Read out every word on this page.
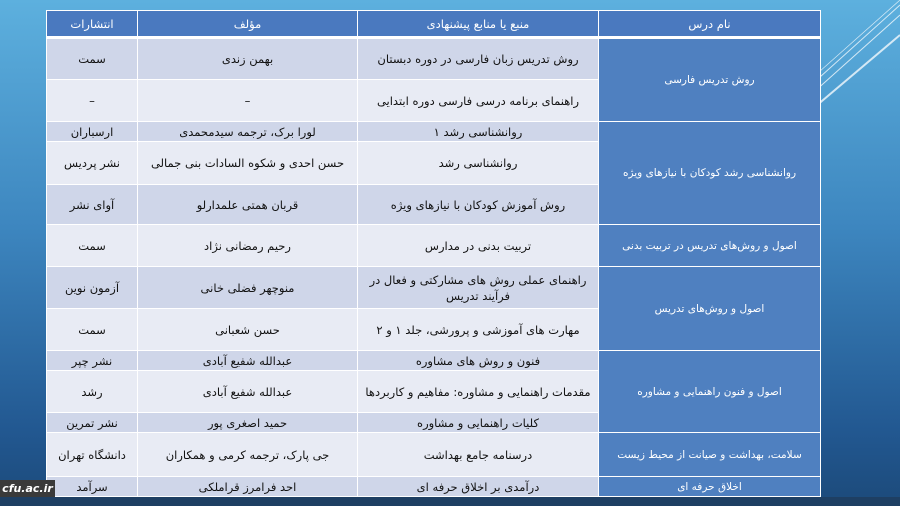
نام درس	منبع یا منابع پیشنهادی	مؤلف	انتشارات
روش تدریس فارسی	روش تدریس زبان فارسی در دوره دبستان	بهمن زندی	سمت
	راهنمای برنامه درسی فارسی دوره ابتدایی	–	–
روانشناسی رشد کودکان با نیازهای ویژه	روانشناسی رشد ۱	لورا برک، ترجمه سیدمحمدی	ارسباران
	روانشناسی رشد	حسن احدی و شکوه السادات بنی جمالی	نشر پردیس
	روش آموزش کودکان با نیازهای ویژه	قربان همتی علمدارلو	آوای نشر
اصول و روش‌های تدریس در تربیت بدنی	تربیت بدنی در مدارس	رحیم رمضانی نژاد	سمت
اصول و روش‌های تدریس	راهنمای عملی روش های مشارکتی و فعال در فرآیند تدریس	منوچهر فضلی خانی	آزمون نوین
	مهارت های آموزشی و پرورشی، جلد ۱ و ۲	حسن شعبانی	سمت
اصول و فنون راهنمایی و مشاوره	فنون و روش های مشاوره	عبدالله شفیع آبادی	نشر چپر
	مقدمات راهنمایی و مشاوره: مفاهیم و کاربردها	عبدالله شفیع آبادی	رشد
	کلیات راهنمایی و مشاوره	حمید اصغری پور	نشر تمرین
سلامت، بهداشت و صیانت از محیط زیست	درسنامه جامع بهداشت	جی پارک، ترجمه کرمی و همکاران	دانشگاه تهران
اخلاق حرفه ای	درآمدی بر اخلاق حرفه ای	احد فرامرز قراملکی	سرآمد
cfu.ac.ir
